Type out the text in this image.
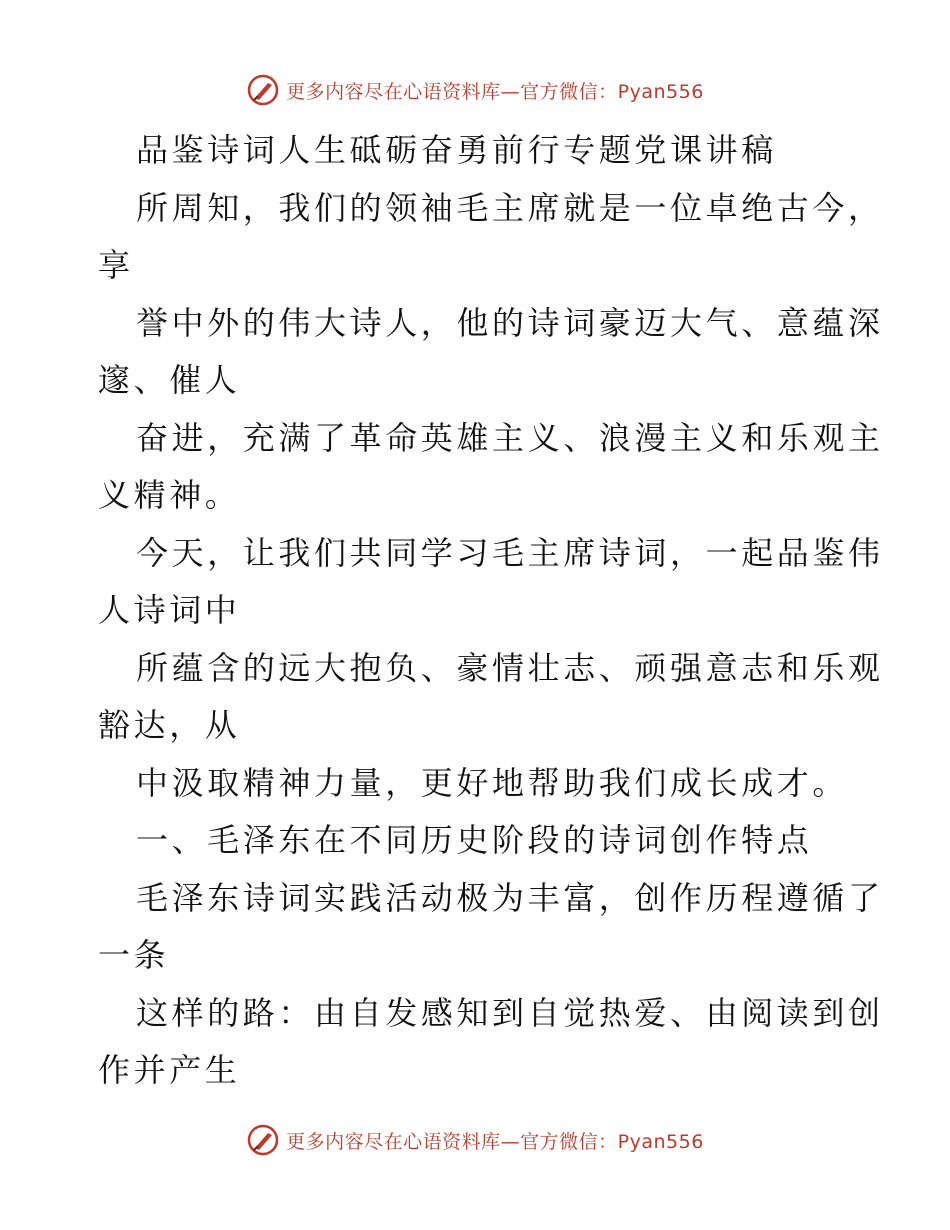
更多内容尽在心语资料库—官方微信：Pyan556
品鉴诗词人生砥砺奋勇前行专题党课讲稿
所周知，我们的领袖毛主席就是一位卓绝古今，
享
誉中外的伟大诗人，他的诗词豪迈大气、意蕴深
邃、催人
奋进，充满了革命英雄主义、浪漫主义和乐观主
义精神。
今天，让我们共同学习毛主席诗词，一起品鉴伟
人诗词中
所蕴含的远大抱负、豪情壮志、顽强意志和乐观
豁达，从
中汲取精神力量，更好地帮助我们成长成才。
一、毛泽东在不同历史阶段的诗词创作特点
毛泽东诗词实践活动极为丰富，创作历程遵循了
一条
这样的路：由自发感知到自觉热爱、由阅读到创
作并产生
更多内容尽在心语资料库—官方微信：Pyan556
